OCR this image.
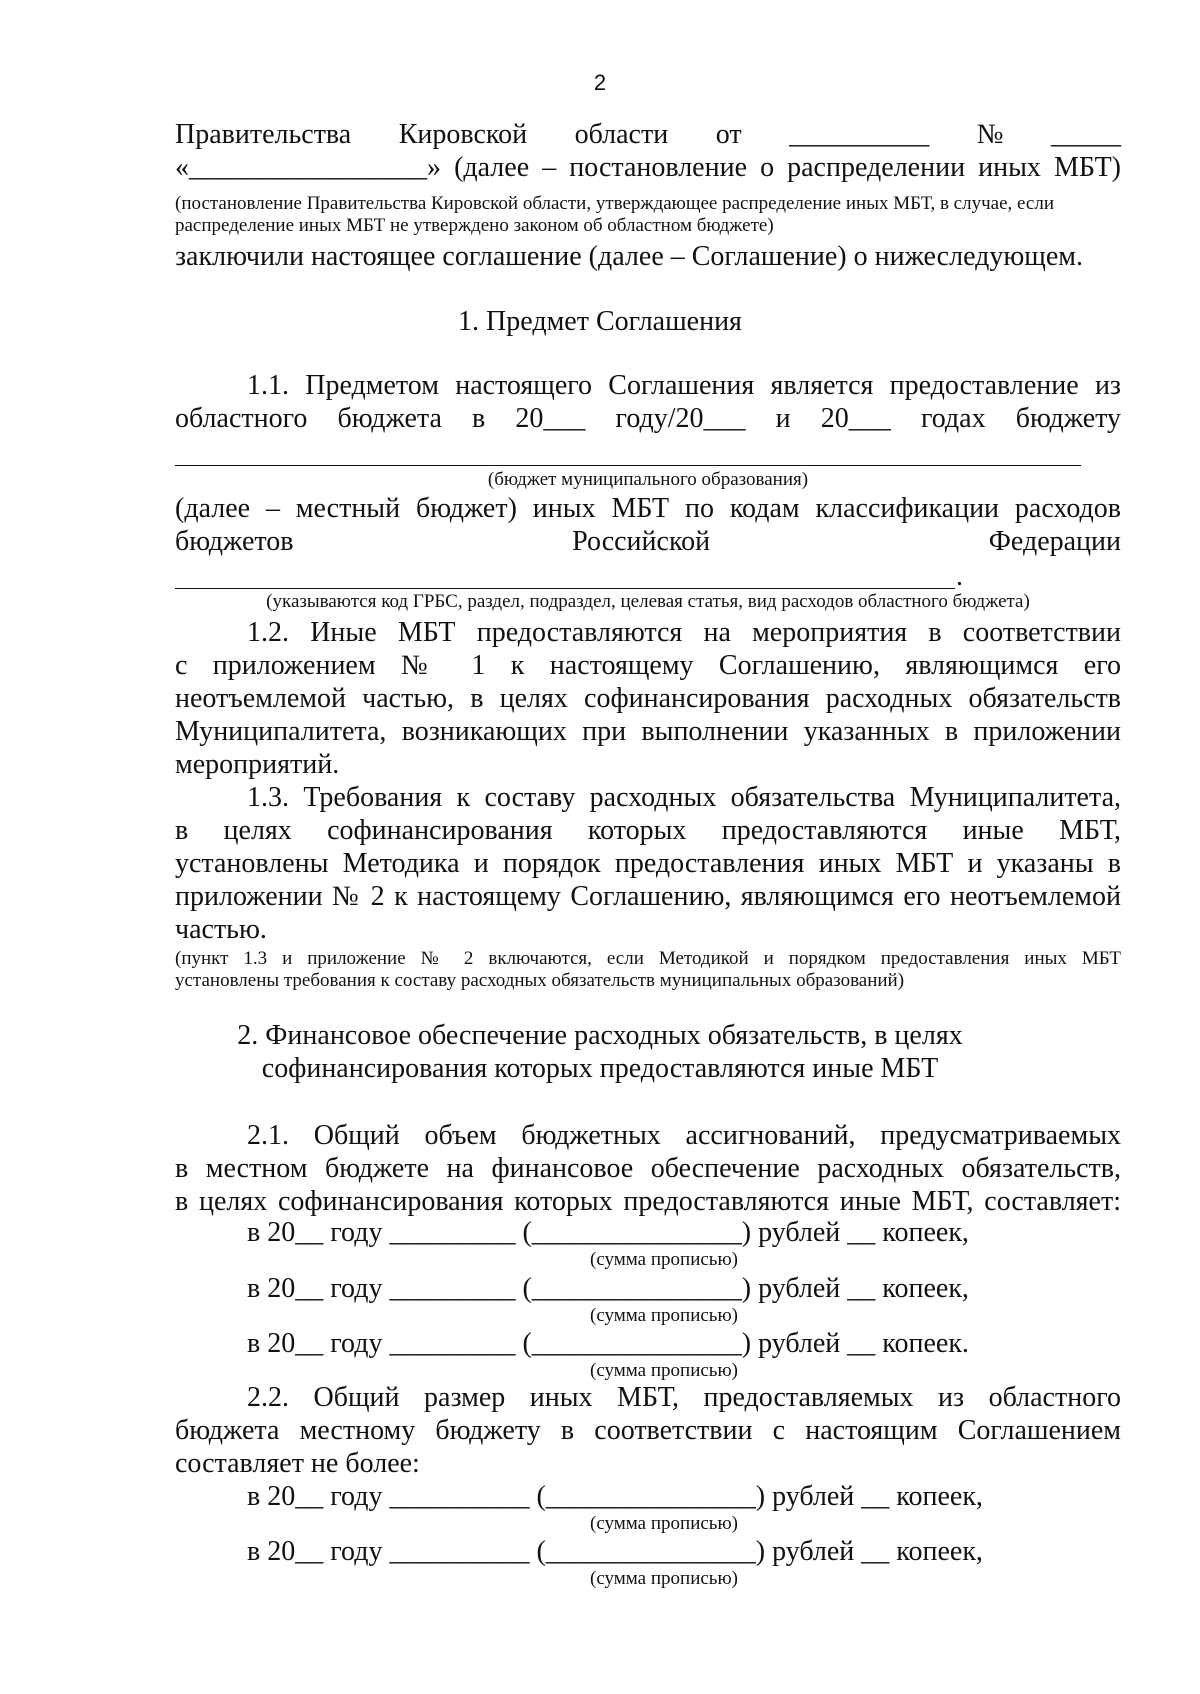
2
Правительства Кировской области от __________ № _____
«_________________» (далее – постановление о распределении иных МБТ)
(постановление Правительства Кировской области, утверждающее распределение иных МБТ, в случае, если
распределение иных МБТ не утверждено законом об областном бюджете)
заключили настоящее соглашение (далее – Соглашение) о нижеследующем.
1. Предмет Соглашения
1.1. Предметом настоящего Соглашения является предоставление из
областного бюджета в 20___ году/20___ и 20___ годах бюджету
(бюджет муниципального образования)
(далее – местный бюджет) иных МБТ по кодам классификации расходов
бюджетов	Российской	Федерации
.
(указываются код ГРБС, раздел, подраздел, целевая статья, вид расходов областного бюджета)
1.2. Иные МБТ предоставляются на мероприятия в соответствии
с приложением № 1 к настоящему Соглашению, являющимся его
неотъемлемой частью, в целях софинансирования расходных обязательств
Муниципалитета, возникающих при выполнении указанных в приложении
мероприятий.
1.3. Требования к составу расходных обязательства Муниципалитета,
в целях софинансирования которых предоставляются иные МБТ,
установлены Методика и порядок предоставления иных МБТ и указаны в
приложении № 2 к настоящему Соглашению, являющимся его неотъемлемой
частью.
(пункт 1.3 и приложение № 2 включаются, если Методикой и порядком предоставления иных МБТ
установлены требования к составу расходных обязательств муниципальных образований)
2. Финансовое обеспечение расходных обязательств, в целях
софинансирования которых предоставляются иные МБТ
2.1. Общий объем бюджетных ассигнований, предусматриваемых
в местном бюджете на финансовое обеспечение расходных обязательств,
в целях софинансирования которых предоставляются иные МБТ, составляет:
в 20__ году _________ (_______________) рублей __ копеек,
(сумма прописью)
в 20__ году _________ (_______________) рублей __ копеек,
(сумма прописью)
в 20__ году _________ (_______________) рублей __ копеек.
(сумма прописью)
2.2. Общий размер иных МБТ, предоставляемых из областного
бюджета местному бюджету в соответствии с настоящим Соглашением
составляет не более:
в 20__ году __________ (_______________) рублей __ копеек,
(сумма прописью)
в 20__ году __________ (_______________) рублей __ копеек,
(сумма прописью)
